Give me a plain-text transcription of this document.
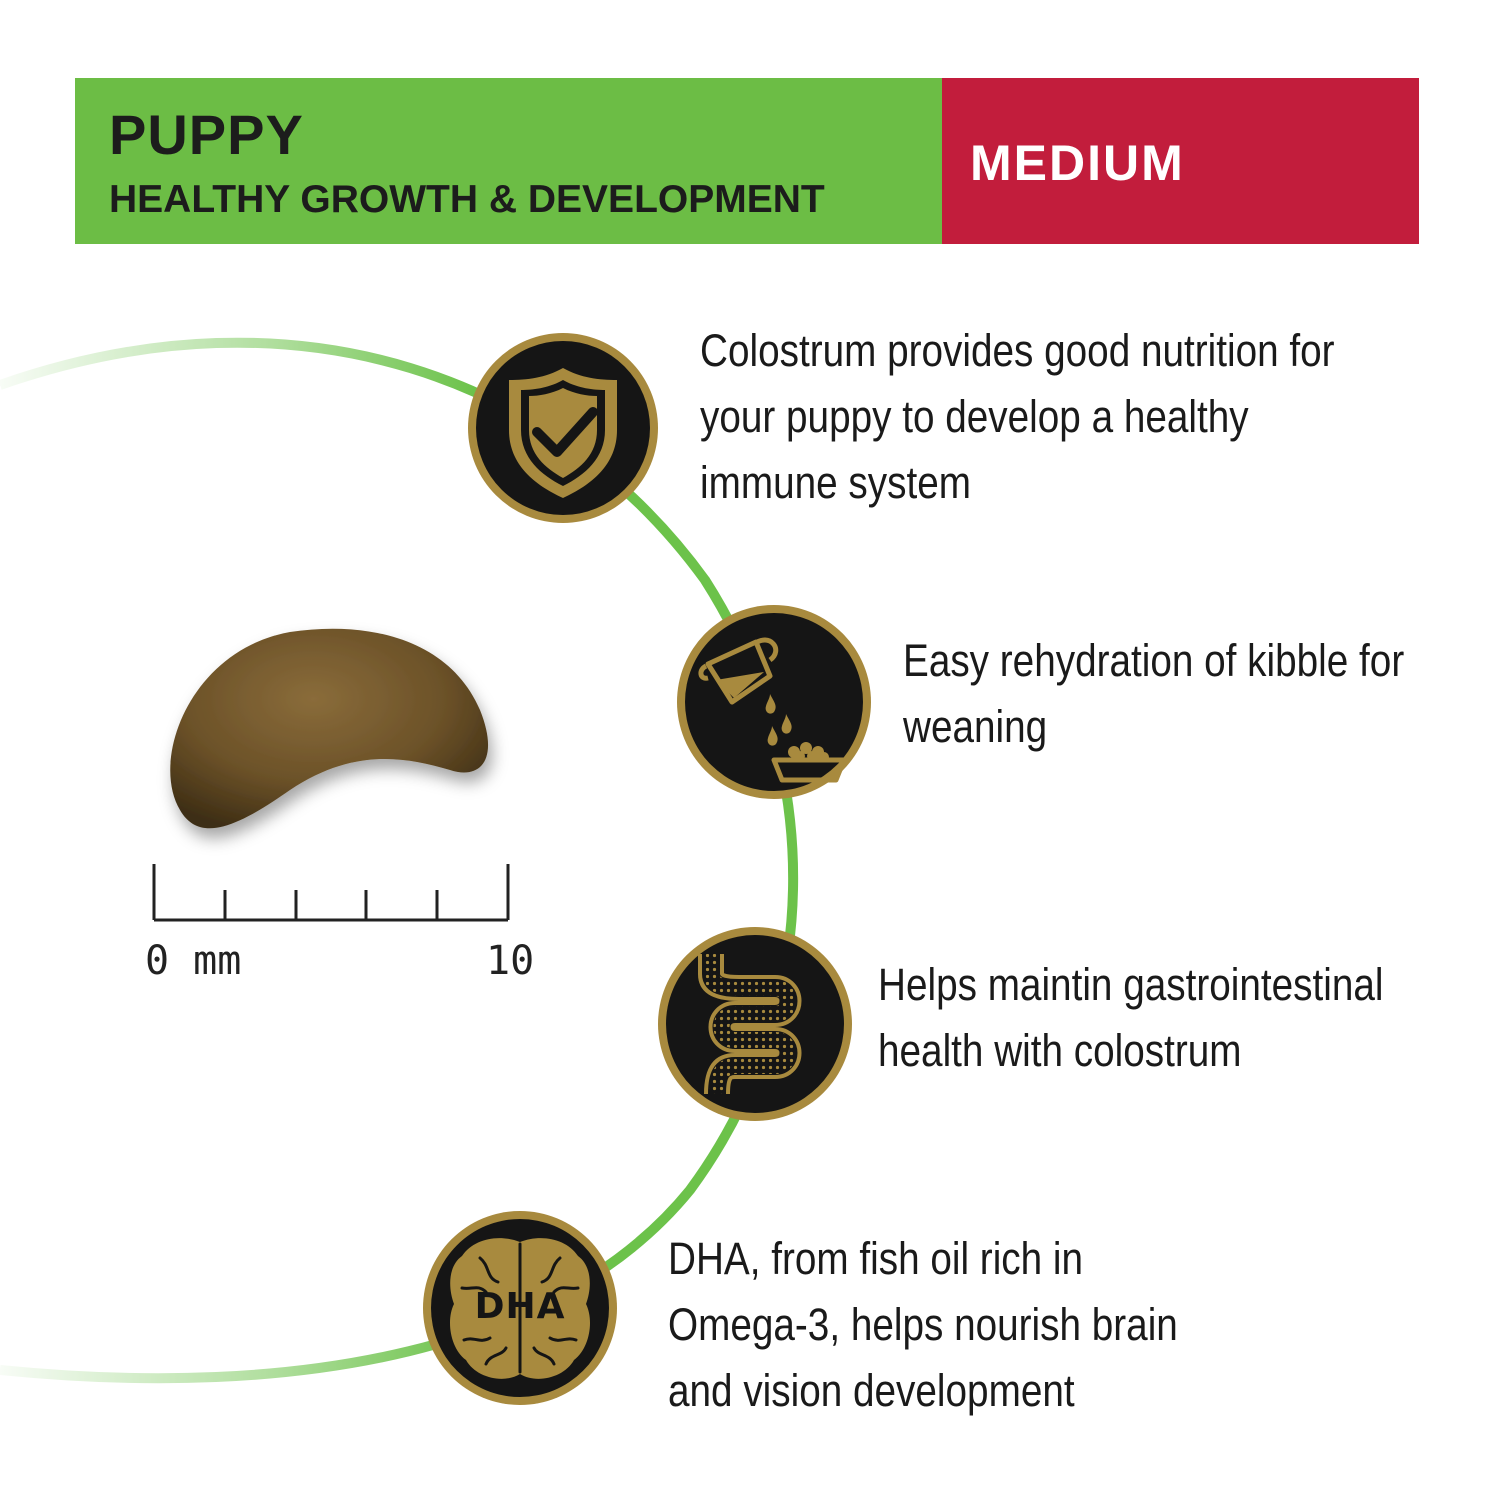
PUPPY
HEALTHY GROWTH & DEVELOPMENT
MEDIUM
0 mm	10
Colostrum provides good nutrition for
your puppy to develop a healthy
immune system
Easy rehydration of kibble for
weaning
Helps maintin gastrointestinal
health with colostrum
DHA
DHA, from fish oil rich in
Omega-3, helps nourish brain
and vision development
